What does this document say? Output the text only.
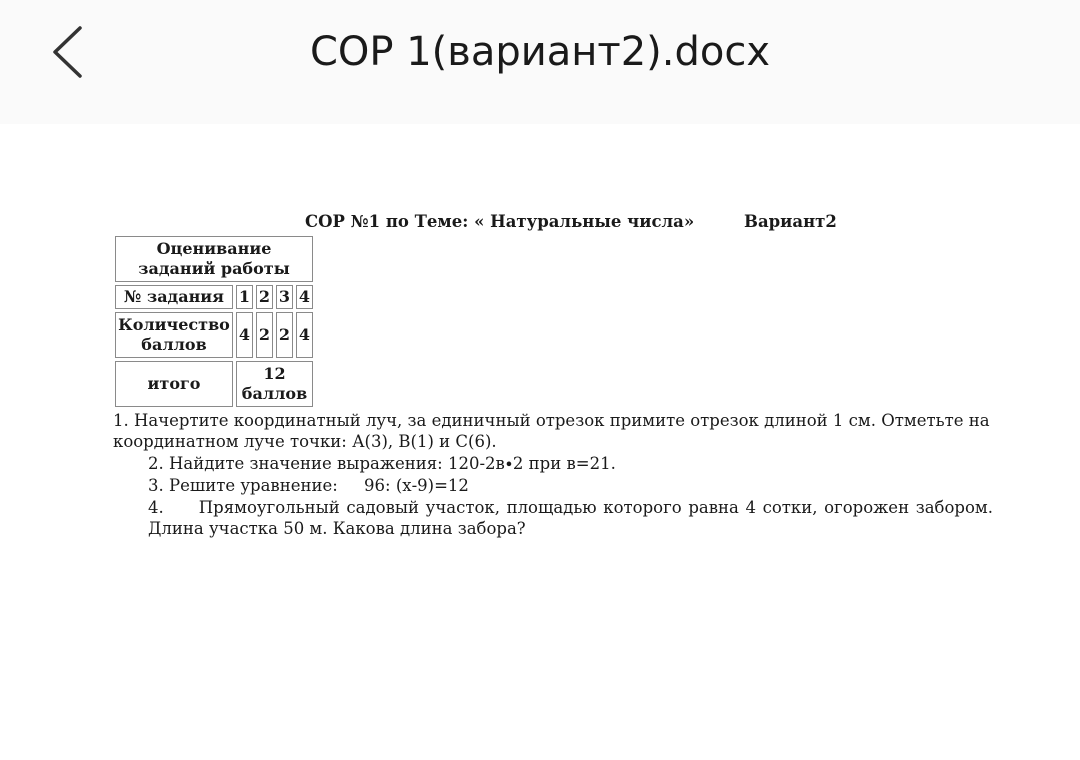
СОР 1(вариант2).docx
СОР №1 по Теме: « Натуральные числа»	Вариант2
Оценивание заданий работы				
№ задания	1	2	3	4
Количество баллов	4	2	2	4
итого	12 баллов			
1. Начертите координатный луч, за единичный отрезок примите отрезок длиной 1 см. Отметьте на координатном луче точки: А(3), В(1) и С(6).
2. Найдите значение выражения: 120-2в∙2 при в=21.
3. Решите уравнение:     96: (х-9)=12
4. Прямоугольный садовый участок, площадью которого равна 4 сотки, огорожен забором. Длина участка 50 м. Какова длина забора?
